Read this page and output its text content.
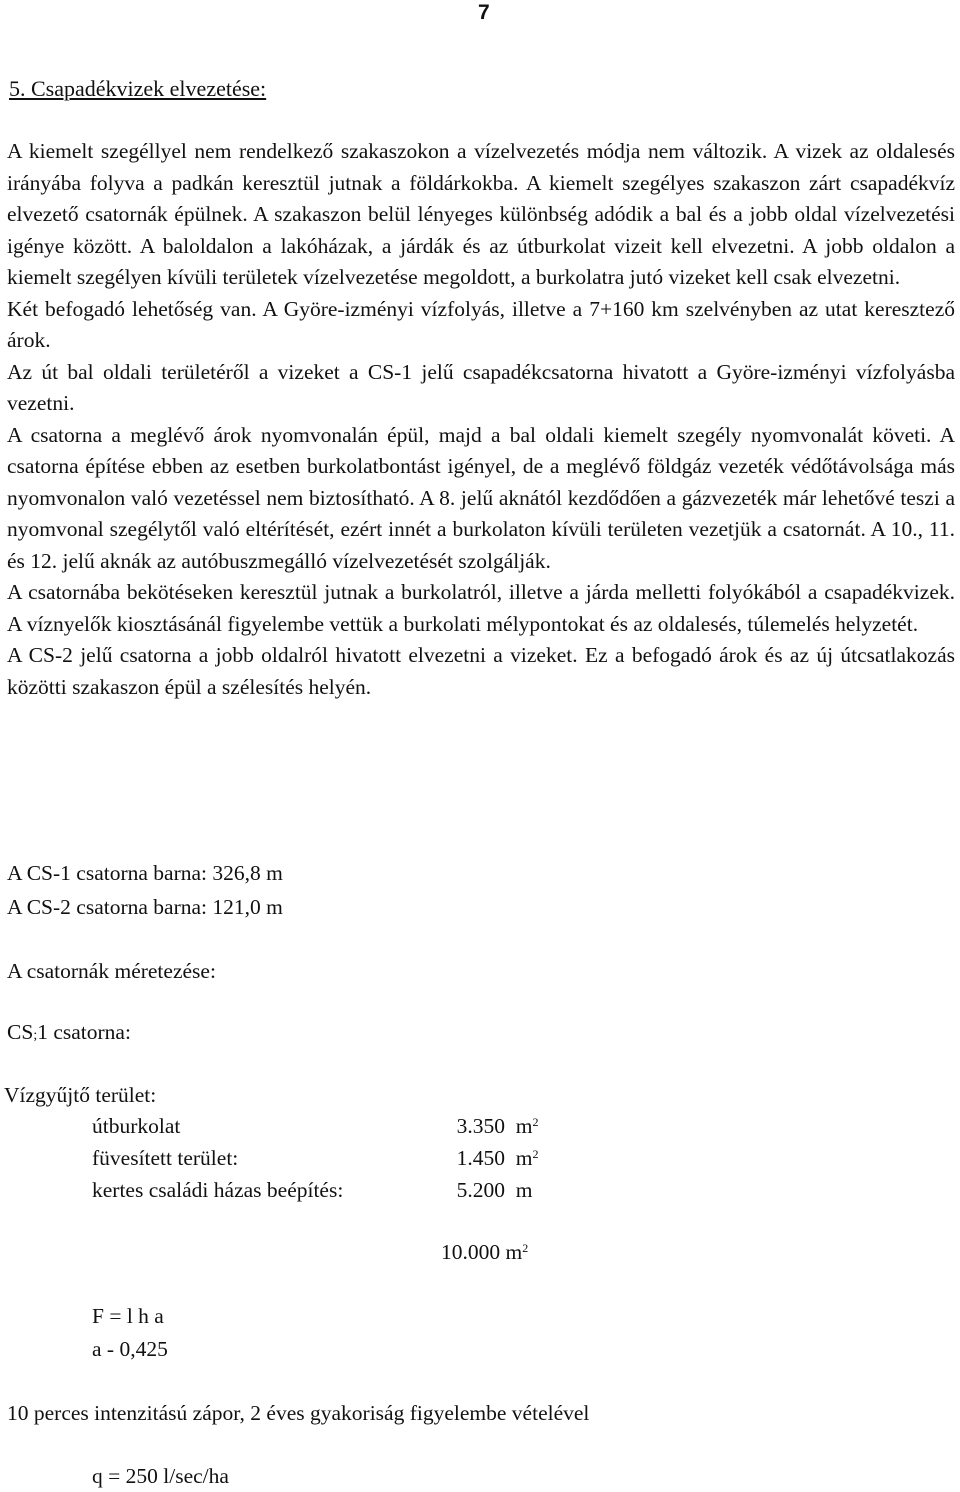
7
5. Csapadékvizek elvezetése:

A kiemelt szegéllyel nem rendelkező szakaszokon a vízelvezetés módja nem változik. A vizek az oldalesés irányába folyva a padkán keresztül jutnak a földárkokba. A kiemelt szegélyes szakaszon zárt csapadékvíz elvezető csatornák épülnek. A szakaszon belül lényeges különbség adódik a bal és a jobb oldal vízelvezetési igénye között. A baloldalon a lakóházak, a járdák és az útburkolat vizeit kell elvezetni. A jobb oldalon a kiemelt szegélyen kívüli területek vízelvezetése megoldott, a burkolatra jutó vizeket kell csak elvezetni.

Két befogadó lehetőség van. A Györe-izményi vízfolyás, illetve a 7+160 km szelvényben az utat keresztező árok.

Az út bal oldali területéről a vizeket a CS-1 jelű csapadékcsatorna hivatott a Györe-izményi vízfolyásba vezetni.

A csatorna a meglévő árok nyomvonalán épül, majd a bal oldali kiemelt szegély nyomvonalát követi. A csatorna építése ebben az esetben burkolatbontást igényel, de a meglévő földgáz vezeték védőtávolsága más nyomvonalon való vezetéssel nem biztosítható. A 8. jelű aknától kezdődően a gázvezeték már lehetővé teszi a nyomvonal szegélytől való eltérítését, ezért innét a burkolaton kívüli területen vezetjük a csatornát. A 10., 11. és 12. jelű aknák az autóbuszmegálló vízelvezetését szolgálják.

A csatornába bekötéseken keresztül jutnak a burkolatról, illetve a járda melletti folyókából a csapadékvizek. A víznyelők kiosztásánál figyelembe vettük a burkolati mélypontokat és az oldalesés, túlemelés helyzetét.

A CS-2 jelű csatorna a jobb oldalról hivatott elvezetni a vizeket. Ez a befogadó árok és az új útcsatlakozás közötti szakaszon épül a szélesítés helyén.

A CS-1 csatorna barna: 326,8 m
A CS-2 csatorna barna: 121,0 m
A csatornák méretezése:
CS;1 csatorna:
Vízgyűjtő terület:
útburkolat	3.350 $m^2$
füvesített terület:	1.450 $m^2$
kertes családi házas beépítés:	5.200 m
10.000 $m^2$
F = l h a
a - 0,425
10 perces intenzitású zápor, 2 éves gyakoriság figyelembe vételével
q = 250 l/sec/ha
